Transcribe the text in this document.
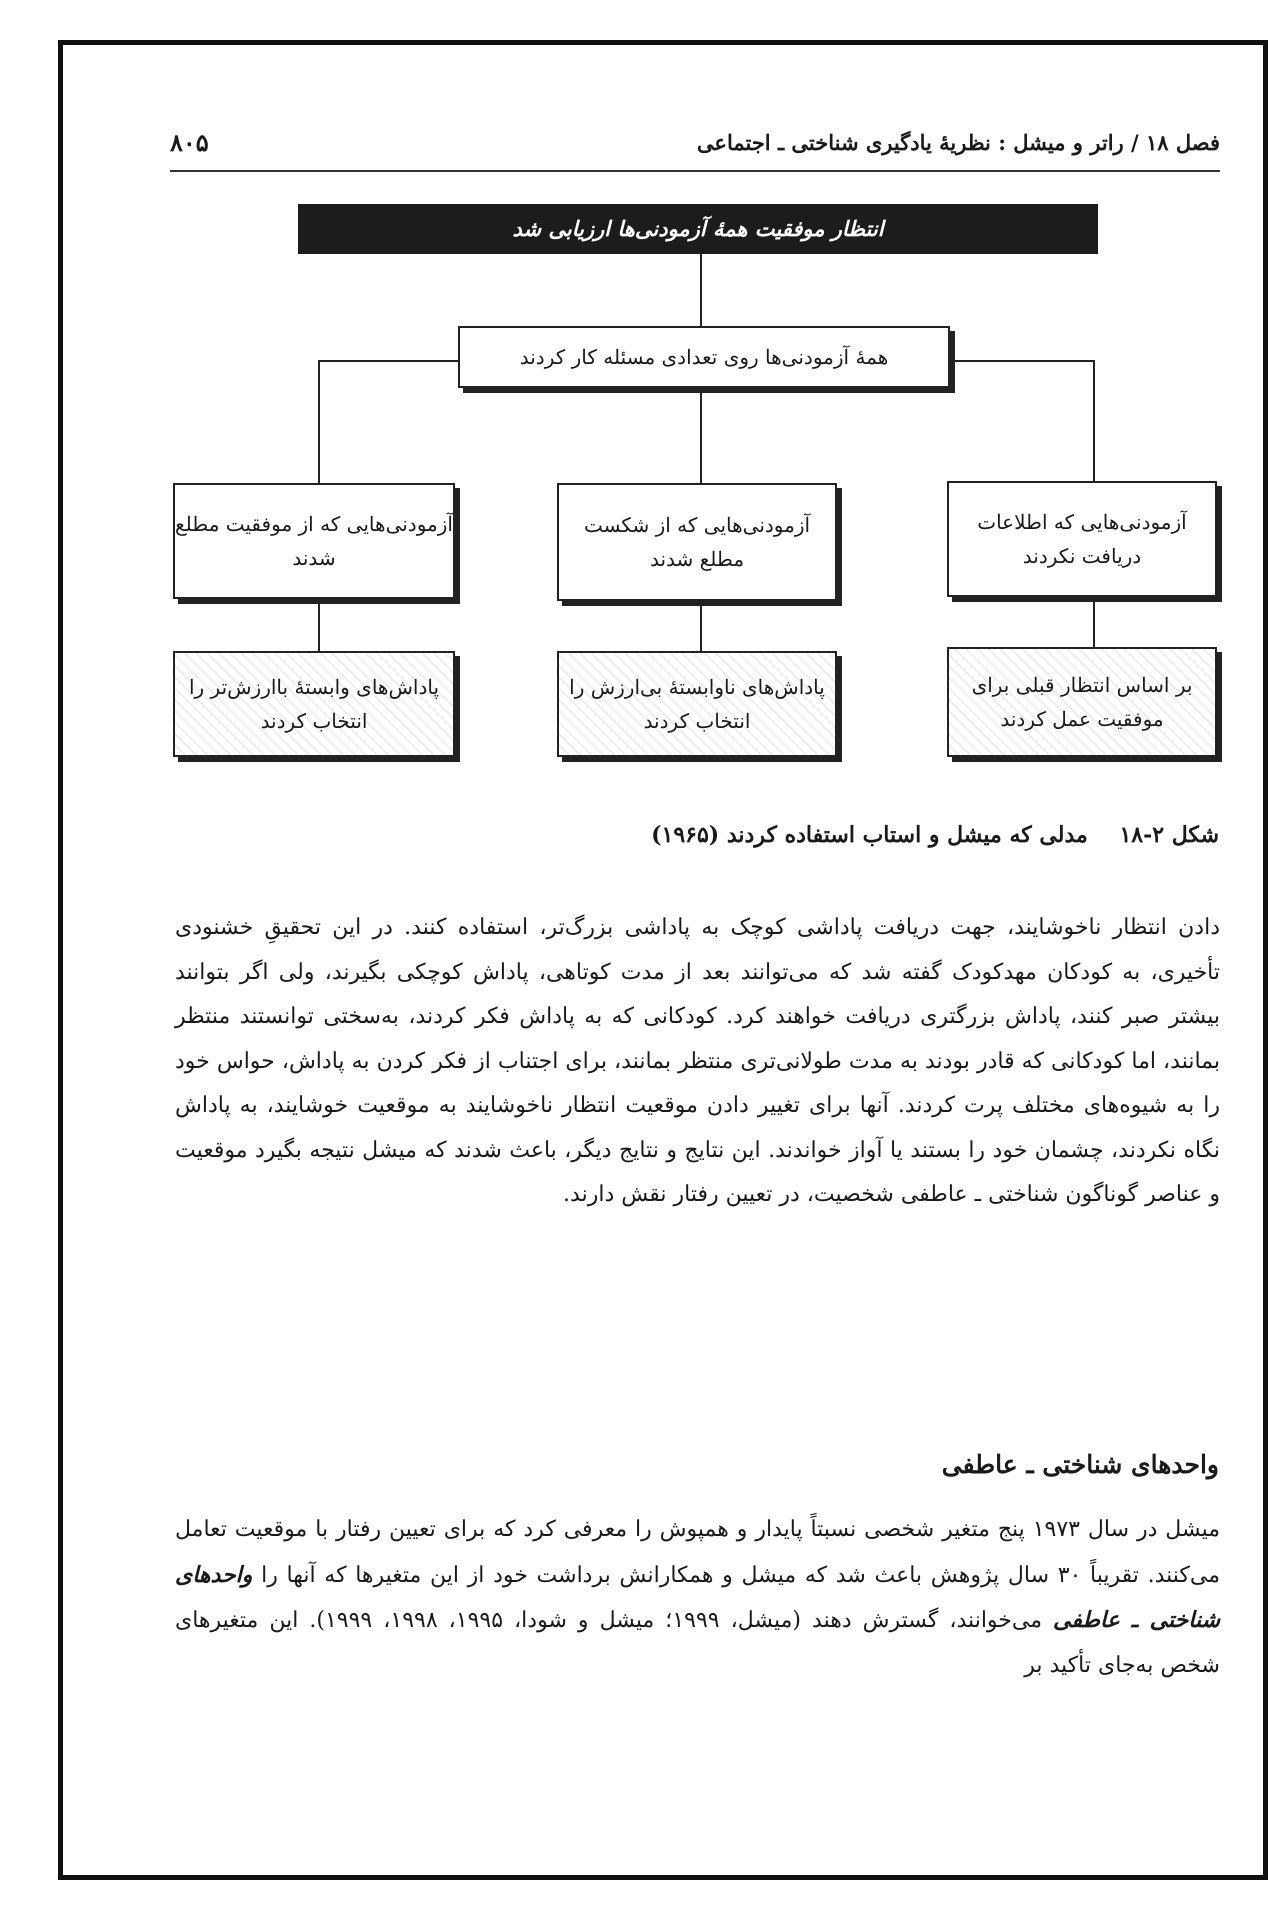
فصل ۱۸ / راتر و میشل : نظریهٔ یادگیری شناختی ـ اجتماعی
۸۰۵
انتظار موفقیت همهٔ آزمودنی‌ها ارزیابی شد
همهٔ آزمودنی‌ها روی تعدادی مسئله کار کردند
آزمودنی‌هایی که اطلاعات دریافت نکردند
آزمودنی‌هایی که از شکست مطلع شدند
آزمودنی‌هایی که از موفقیت مطلع شدند
بر اساس انتظار قبلی برای موفقیت عمل کردند
پاداش‌های ناوابستهٔ بی‌ارزش را انتخاب کردند
پاداش‌های وابستهٔ باارزش‌تر را انتخاب کردند
شکل ۲-۱۸ مدلی که میشل و استاب استفاده کردند (۱۹۶۵)
دادن انتظار ناخوشایند، جهت دریافت پاداشی کوچک به پاداشی بزرگ‌تر، استفاده کنند. در این تحقیقِ خشنودی تأخیری، به کودکان مهدکودک گفته شد که می‌توانند بعد از مدت کوتاهی، پاداش کوچکی بگیرند، ولی اگر بتوانند بیشتر صبر کنند، پاداش بزرگتری دریافت خواهند کرد. کودکانی که به پاداش فکر کردند، به‌سختی توانستند منتظر بمانند، اما کودکانی که قادر بودند به مدت طولانی‌تری منتظر بمانند، برای اجتناب از فکر کردن به پاداش، حواس خود را به شیوه‌های مختلف پرت کردند. آنها برای تغییر دادن موقعیت انتظار ناخوشایند به موقعیت خوشایند، به پاداش نگاه نکردند، چشمان خود را بستند یا آواز خواندند. این نتایج و نتایج دیگر، باعث شدند که میشل نتیجه بگیرد موقعیت و عناصر گوناگون شناختی ـ عاطفی شخصیت، در تعیین رفتار نقش دارند.
واحدهای شناختی ـ عاطفی
میشل در سال ۱۹۷۳ پنج متغیر شخصی نسبتاً پایدار و همپوش را معرفی کرد که برای تعیین رفتار با موقعیت تعامل می‌کنند. تقریباً ۳۰ سال پژوهش باعث شد که میشل و همکارانش برداشت خود از این متغیرها که آنها را واحدهای شناختی ـ عاطفی می‌خوانند، گسترش دهند (میشل، ۱۹۹۹؛ میشل و شودا، ۱۹۹۵، ۱۹۹۸، ۱۹۹۹). این متغیرهای شخص به‌جای تأکید بر
